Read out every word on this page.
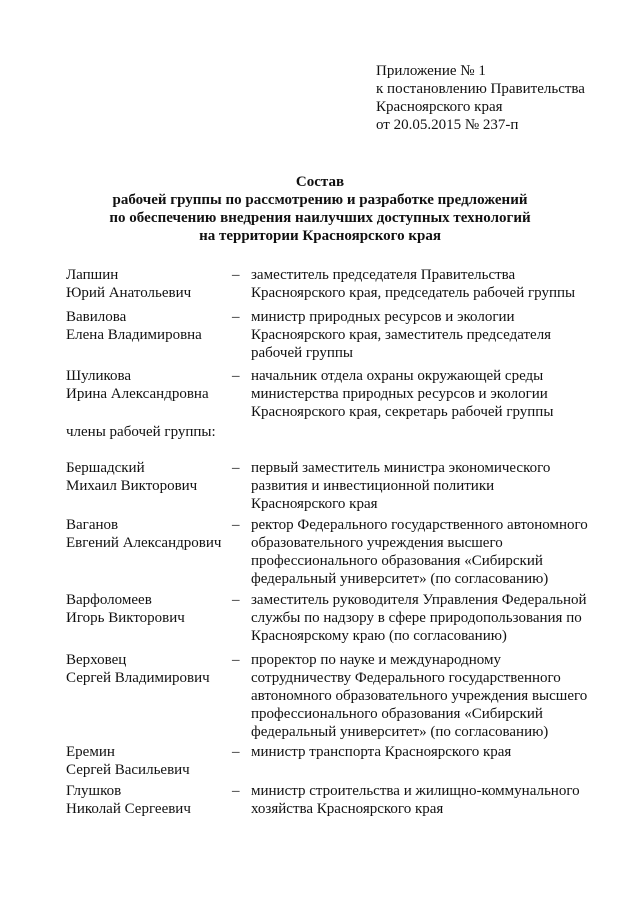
Приложение № 1
к постановлению Правительства
Красноярского края
от 20.05.2015 № 237-п
Состав
рабочей группы по рассмотрению и разработке предложений
по обеспечению внедрения наилучших доступных технологий
на территории Красноярского края
Лапшин
Юрий Анатольевич
– заместитель председателя Правительства
Красноярского края, председатель рабочей группы
Вавилова
Елена Владимировна
– министр природных ресурсов и экологии
Красноярского края, заместитель председателя
рабочей группы
Шуликова
Ирина Александровна
– начальник отдела охраны окружающей среды
министерства природных ресурсов и экологии
Красноярского края, секретарь рабочей группы
члены рабочей группы:
Бершадский
Михаил Викторович
– первый заместитель министра экономического
развития и инвестиционной политики
Красноярского края
Ваганов
Евгений Александрович
– ректор Федерального государственного автономного
образовательного учреждения высшего
профессионального образования «Сибирский
федеральный университет» (по согласованию)
Варфоломеев
Игорь Викторович
– заместитель руководителя Управления Федеральной
службы по надзору в сфере природопользования по
Красноярскому краю (по согласованию)
Верховец
Сергей Владимирович
– проректор по науке и международному
сотрудничеству Федерального государственного
автономного образовательного учреждения высшего
профессионального образования «Сибирский
федеральный университет» (по согласованию)
Еремин
Сергей Васильевич
– министр транспорта Красноярского края
Глушков
Николай Сергеевич
– министр строительства и жилищно-коммунального
хозяйства Красноярского края
